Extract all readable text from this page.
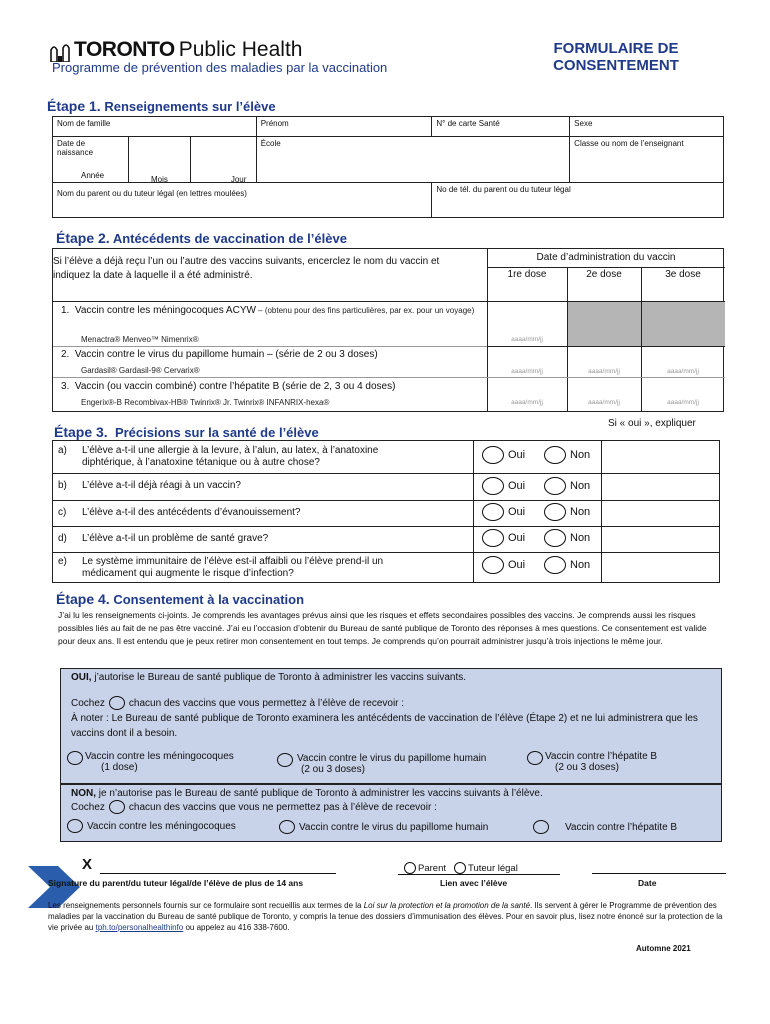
TORONTO Public Health
Programme de prévention des maladies par la vaccination
FORMULAIRE DE
CONSENTEMENT
Étape 1. Renseignements sur l’élève
Nom de famille			Prénom	N° de carte Santé	Sexe

Date de naissance
Année	Mois	Jour	École		Classe ou nom de l’enseignant
Nom du parent ou du tuteur légal (en lettres moulées)				No de tél. du parent ou du tuteur légal	
Étape 2. Antécédents de vaccination de l’élève
Si l’élève a déjà reçu l’un ou l’autre des vaccins suivants, encerclez le nom du vaccin et indiquez la date à laquelle il a été administré.
Date d’administration du vaccin
1re dose	2e dose	3e dose
1. Vaccin contre les méningocoques ACYW – (obtenu pour des fins particulières, par ex. pour un voyage)
Menactra® Menveo™ Nimenrix®	aaaa/mm/jj
2. Vaccin contre le virus du papillome humain – (série de 2 ou 3 doses)
Gardasil® Gardasil-9® Cervarix®	aaaa/mm/jj	aaaa/mm/jj	aaaa/mm/jj
3. Vaccin (ou vaccin combiné) contre l’hépatite B (série de 2, 3 ou 4 doses)
Engerix®-B Recombivax-HB® Twinrix® Jr. Twinrix® INFANRIX-hexa®	aaaa/mm/jj	aaaa/mm/jj	aaaa/mm/jj
Étape 3. Précisions sur la santé de l’élève
Si « oui », expliquer
a) L’élève a-t-il une allergie à la levure, à l’alun, au latex, à l’anatoxine diphtérique, à l’anatoxine tétanique ou à autre chose?
Oui	Non
b) L’élève a-t-il déjà réagi à un vaccin?	Oui	Non
c) L’élève a-t-il des antécédents d’évanouissement?	Oui	Non
d) L’élève a-t-il un problème de santé grave?	Oui	Non
e) Le système immunitaire de l’élève est-il affaibli ou l’élève prend-il un médicament qui augmente le risque d’infection?
Oui	Non
Étape 4. Consentement à la vaccination
J’ai lu les renseignements ci-joints. Je comprends les avantages prévus ainsi que les risques et effets secondaires possibles des vaccins. Je comprends aussi les risques possibles liés au fait de ne pas être vacciné. J’ai eu l’occasion d’obtenir du Bureau de santé publique de Toronto des réponses à mes questions. Ce consentement est valide pour deux ans. Il est entendu que je peux retirer mon consentement en tout temps. Je comprends qu’on pourrait administrer jusqu’à trois injections le même jour.
OUI, j’autorise le Bureau de santé publique de Toronto à administrer les vaccins suivants.
Cochez chacun des vaccins que vous permettez à l’élève de recevoir :
À noter : Le Bureau de santé publique de Toronto examinera les antécédents de vaccination de l’élève (Étape 2) et ne lui administrera que les vaccins dont il a besoin.
Vaccin contre les méningocoques
(1 dose)
Vaccin contre le virus du papillome humain
(2 ou 3 doses)
Vaccin contre l’hépatite B
(2 ou 3 doses)
NON, je n’autorise pas le Bureau de santé publique de Toronto à administrer les vaccins suivants à l’élève.
Cochez chacun des vaccins que vous ne permettez pas à l’élève de recevoir :
Vaccin contre les méningocoques	Vaccin contre le virus du papillome humain	Vaccin contre l’hépatite B
X
Signature du parent/du tuteur légal/de l’élève de plus de 14 ans
Parent Tuteur légal
Lien avec l’élève	Date
Les renseignements personnels fournis sur ce formulaire sont recueillis aux termes de la Loi sur la protection et la promotion de la santé. Ils servent à gérer le Programme de prévention des maladies par la vaccination du Bureau de santé publique de Toronto, y compris la tenue des dossiers d’immunisation des élèves. Pour en savoir plus, lisez notre énoncé sur la protection de la vie privée au tph.to/personalhealthinfo ou appelez au 416 338-7600.
Automne 2021
